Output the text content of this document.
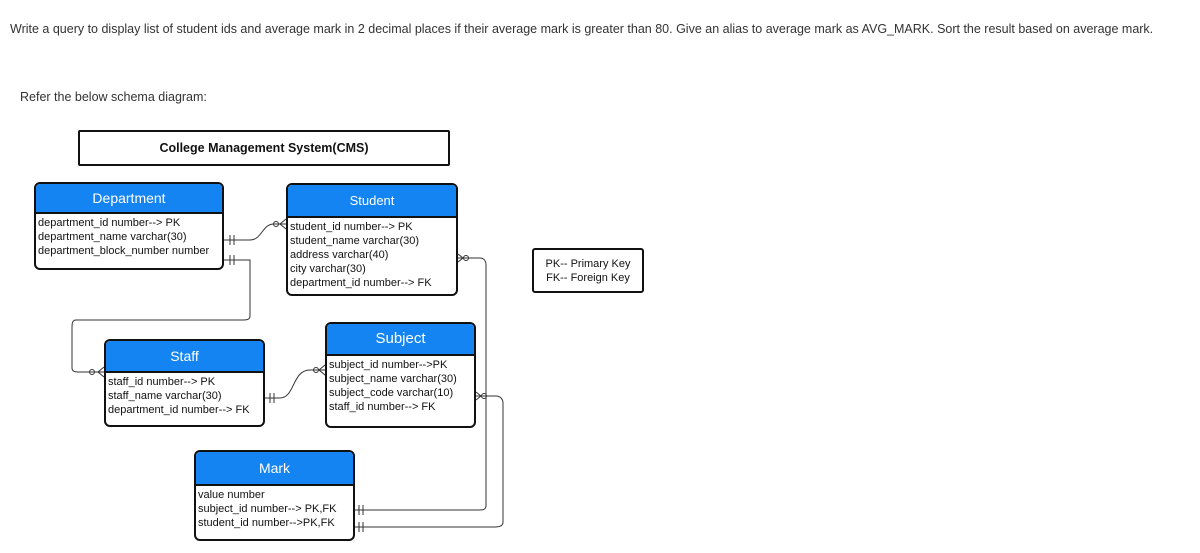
Write a query to display list of student ids and average mark in 2 decimal places if their average mark is greater than 80. Give an alias to average mark as AVG_MARK. Sort the result based on average mark.
Refer the below schema diagram:
College Management System(CMS)
Department
department_id number--> PK
department_name varchar(30)
department_block_number number
Student
student_id number--> PK
student_name varchar(30)
address varchar(40)
city varchar(30)
department_id number--> FK
Staff
staff_id number--> PK
staff_name varchar(30)
department_id number--> FK
Subject
subject_id number-->PK
subject_name varchar(30)
subject_code varchar(10)
staff_id number--> FK
Mark
value number
subject_id number--> PK,FK
student_id number-->PK,FK
PK-- Primary Key
FK-- Foreign Key
